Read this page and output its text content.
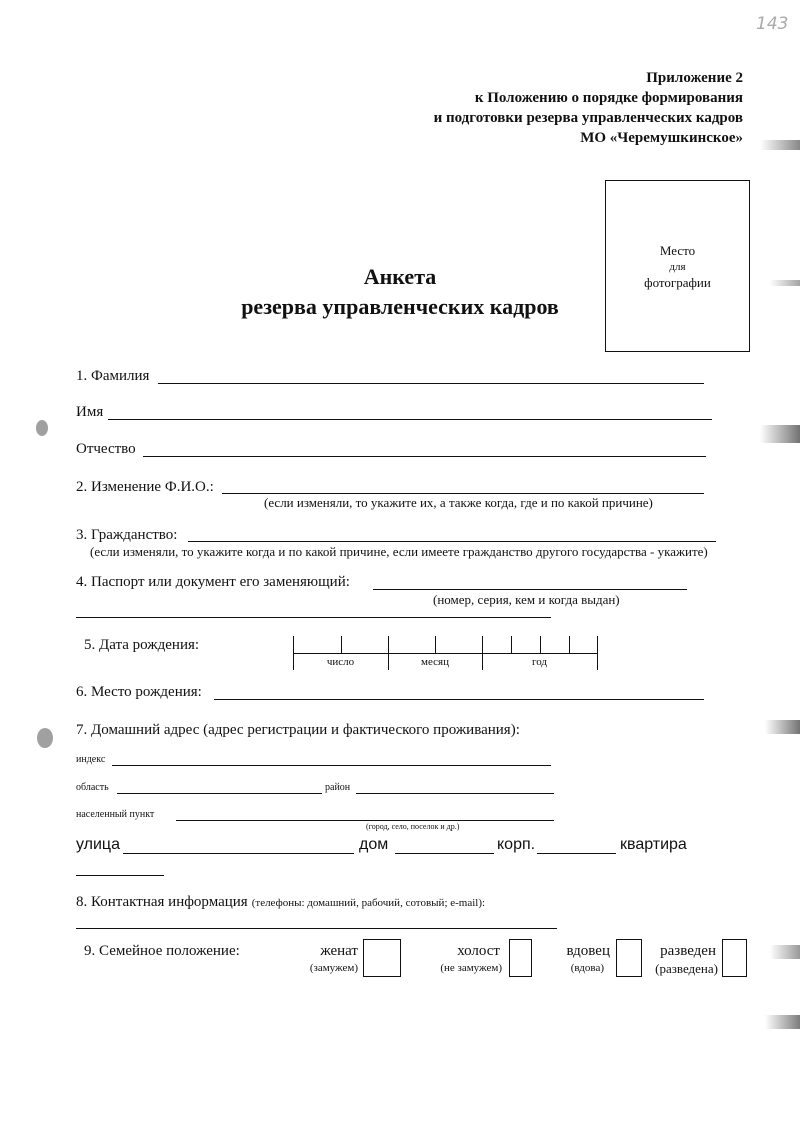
143
Приложение 2
к Положению о порядке формирования
и подготовки резерва управленческих кадров
МО «Черемушкинское»
Место
для
фотографии
Анкета
резерва управленческих кадров
1. Фамилия
Имя
Отчество
2. Изменение Ф.И.О.:
(если изменяли, то укажите их, а также когда, где и по какой причине)
3. Гражданство:
(если изменяли, то укажите когда и по какой причине, если имеете гражданство другого государства - укажите)
4. Паспорт или документ его заменяющий:
(номер, серия, кем и когда выдан)
5. Дата рождения:
число	месяц	год
6. Место рождения:
7. Домашний адрес (адрес регистрации и фактического проживания):
индекс
область	район
населенный пункт
(город, село, поселок и др.)
улица	дом	корп.	квартира
8. Контактная информация (телефоны: домашний, рабочий, сотовый; e-mail):
9. Семейное положение:	женат
(замужем)
холост
(не замужем)
вдовец
(вдова)
разведен
(разведена)
